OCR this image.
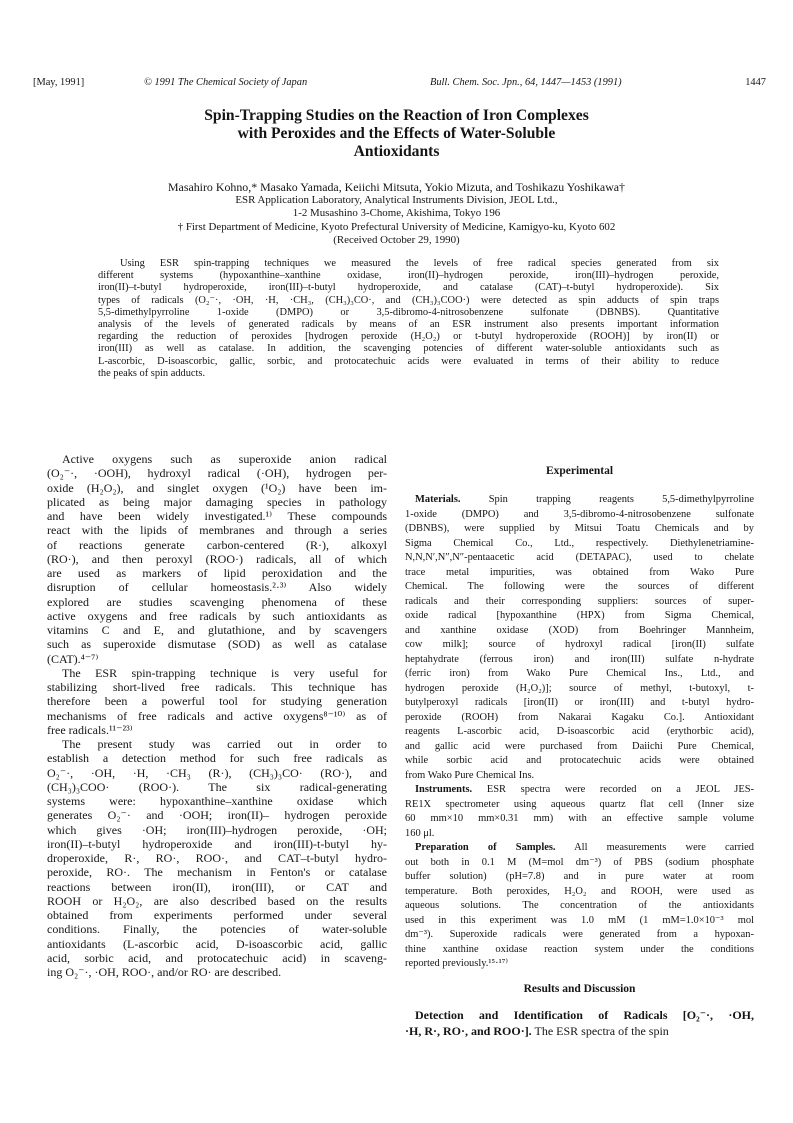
[May, 1991]	© 1991 The Chemical Society of Japan	Bull. Chem. Soc. Jpn., 64, 1447—1453 (1991)	1447
Spin-Trapping Studies on the Reaction of Iron Complexes
with Peroxides and the Effects of Water-Soluble
Antioxidants
Masahiro Kohno,* Masako Yamada, Keiichi Mitsuta, Yokio Mizuta, and Toshikazu Yoshikawa†
ESR Application Laboratory, Analytical Instruments Division, JEOL Ltd.,
1-2 Musashino 3-Chome, Akishima, Tokyo 196
† First Department of Medicine, Kyoto Prefectural University of Medicine, Kamigyo-ku, Kyoto 602
(Received October 29, 1990)
Using ESR spin-trapping techniques we measured the levels of free radical species generated from six
different systems (hypoxanthine–xanthine oxidase, iron(II)–hydrogen peroxide, iron(III)–hydrogen peroxide,
iron(II)–t-butyl hydroperoxide, iron(III)–t-butyl hydroperoxide, and catalase (CAT)–t-butyl hydroperoxide). Six
types of radicals (O₂⁻·, ·OH, ·H, ·CH₃, (CH₃)₃CO·, and (CH₃)₃COO·) were detected as spin adducts of spin traps
5,5-dimethylpyrroline 1-oxide (DMPO) or 3,5-dibromo-4-nitrosobenzene sulfonate (DBNBS). Quantitative
analysis of the levels of generated radicals by means of an ESR instrument also presents important information
regarding the reduction of peroxides [hydrogen peroxide (H₂O₂) or t-butyl hydroperoxide (ROOH)] by iron(II) or
iron(III) as well as catalase. In addition, the scavenging potencies of different water-soluble antioxidants such as
L-ascorbic, D-isoascorbic, gallic, sorbic, and protocatechuic acids were evaluated in terms of their ability to reduce
the peaks of spin adducts.
Active oxygens such as superoxide anion radical
(O₂⁻·, ·OOH), hydroxyl radical (·OH), hydrogen per-
oxide (H₂O₂), and singlet oxygen (¹O₂) have been im-
plicated as being major damaging species in pathology
and have been widely investigated.¹⁾ These compounds
react with the lipids of membranes and through a series
of reactions generate carbon-centered (R·), alkoxyl
(RO·), and then peroxyl (ROO·) radicals, all of which
are used as markers of lipid peroxidation and the
disruption of cellular homeostasis.²·³⁾ Also widely
explored are studies scavenging phenomena of these
active oxygens and free radicals by such antioxidants as
vitamins C and E, and glutathione, and by scavengers
such as superoxide dismutase (SOD) as well as catalase
(CAT).⁴⁻⁷⁾
The ESR spin-trapping technique is very useful for
stabilizing short-lived free radicals. This technique has
therefore been a powerful tool for studying generation
mechanisms of free radicals and active oxygens⁸⁻¹⁰⁾ as of
free radicals.¹¹⁻²³⁾
The present study was carried out in order to
establish a detection method for such free radicals as
O₂⁻·, ·OH, ·H, ·CH₃ (R·), (CH₃)₃CO· (RO·), and
(CH₃)₃COO· (ROO·). The six radical-generating
systems were: hypoxanthine–xanthine oxidase which
generates O₂⁻· and ·OOH; iron(II)– hydrogen peroxide
which gives ·OH; iron(III)–hydrogen peroxide, ·OH;
iron(II)–t-butyl hydroperoxide and iron(III)-t-butyl hy-
droperoxide, R·, RO·, ROO·, and CAT–t-butyl hydro-
peroxide, RO·. The mechanism in Fenton's or catalase
reactions between iron(II), iron(III), or CAT and
ROOH or H₂O₂, are also described based on the results
obtained from experiments performed under several
conditions. Finally, the potencies of water-soluble
antioxidants (L-ascorbic acid, D-isoascorbic acid, gallic
acid, sorbic acid, and protocatechuic acid) in scaveng-
ing O₂⁻·, ·OH, ROO·, and/or RO· are described.
Experimental
Materials. Spin trapping reagents 5,5-dimethylpyrroline
1-oxide (DMPO) and 3,5-dibromo-4-nitrosobenzene sulfonate
(DBNBS), were supplied by Mitsui Toatu Chemicals and by
Sigma Chemical Co., Ltd., respectively. Diethylenetriamine-
N,N,N′,N″,N″-pentaacetic acid (DETAPAC), used to chelate
trace metal impurities, was obtained from Wako Pure
Chemical. The following were the sources of different
radicals and their corresponding suppliers: sources of super-
oxide radical [hypoxanthine (HPX) from Sigma Chemical,
and xanthine oxidase (XOD) from Boehringer Mannheim,
cow milk]; source of hydroxyl radical [iron(II) sulfate
heptahydrate (ferrous iron) and iron(III) sulfate n-hydrate
(ferric iron) from Wako Pure Chemical Ins., Ltd., and
hydrogen peroxide (H₂O₂)]; source of methyl, t-butoxyl, t-
butylperoxyl radicals [iron(II) or iron(III) and t-butyl hydro-
peroxide (ROOH) from Nakarai Kagaku Co.]. Antioxidant
reagents L-ascorbic acid, D-isoascorbic acid (erythorbic acid),
and gallic acid were purchased from Daiichi Pure Chemical,
while sorbic acid and protocatechuic acids were obtained
from Wako Pure Chemical Ins.
Instruments. ESR spectra were recorded on a JEOL JES-
RE1X spectrometer using aqueous quartz flat cell (Inner size
60 mm×10 mm×0.31 mm) with an effective sample volume
160 μl.
Preparation of Samples. All measurements were carried
out both in 0.1 M (M=mol dm⁻³) of PBS (sodium phosphate
buffer solution) (pH=7.8) and in pure water at room
temperature. Both peroxides, H₂O₂ and ROOH, were used as
aqueous solutions. The concentration of the antioxidants
used in this experiment was 1.0 mM (1 mM=1.0×10⁻³ mol
dm⁻³). Superoxide radicals were generated from a hypoxan-
thine xanthine oxidase reaction system under the conditions
reported previously.¹⁵·¹⁷⁾
Results and Discussion
Detection and Identification of Radicals [O₂⁻·, ·OH,
·H, R·, RO·, and ROO·]. The ESR spectra of the spin
